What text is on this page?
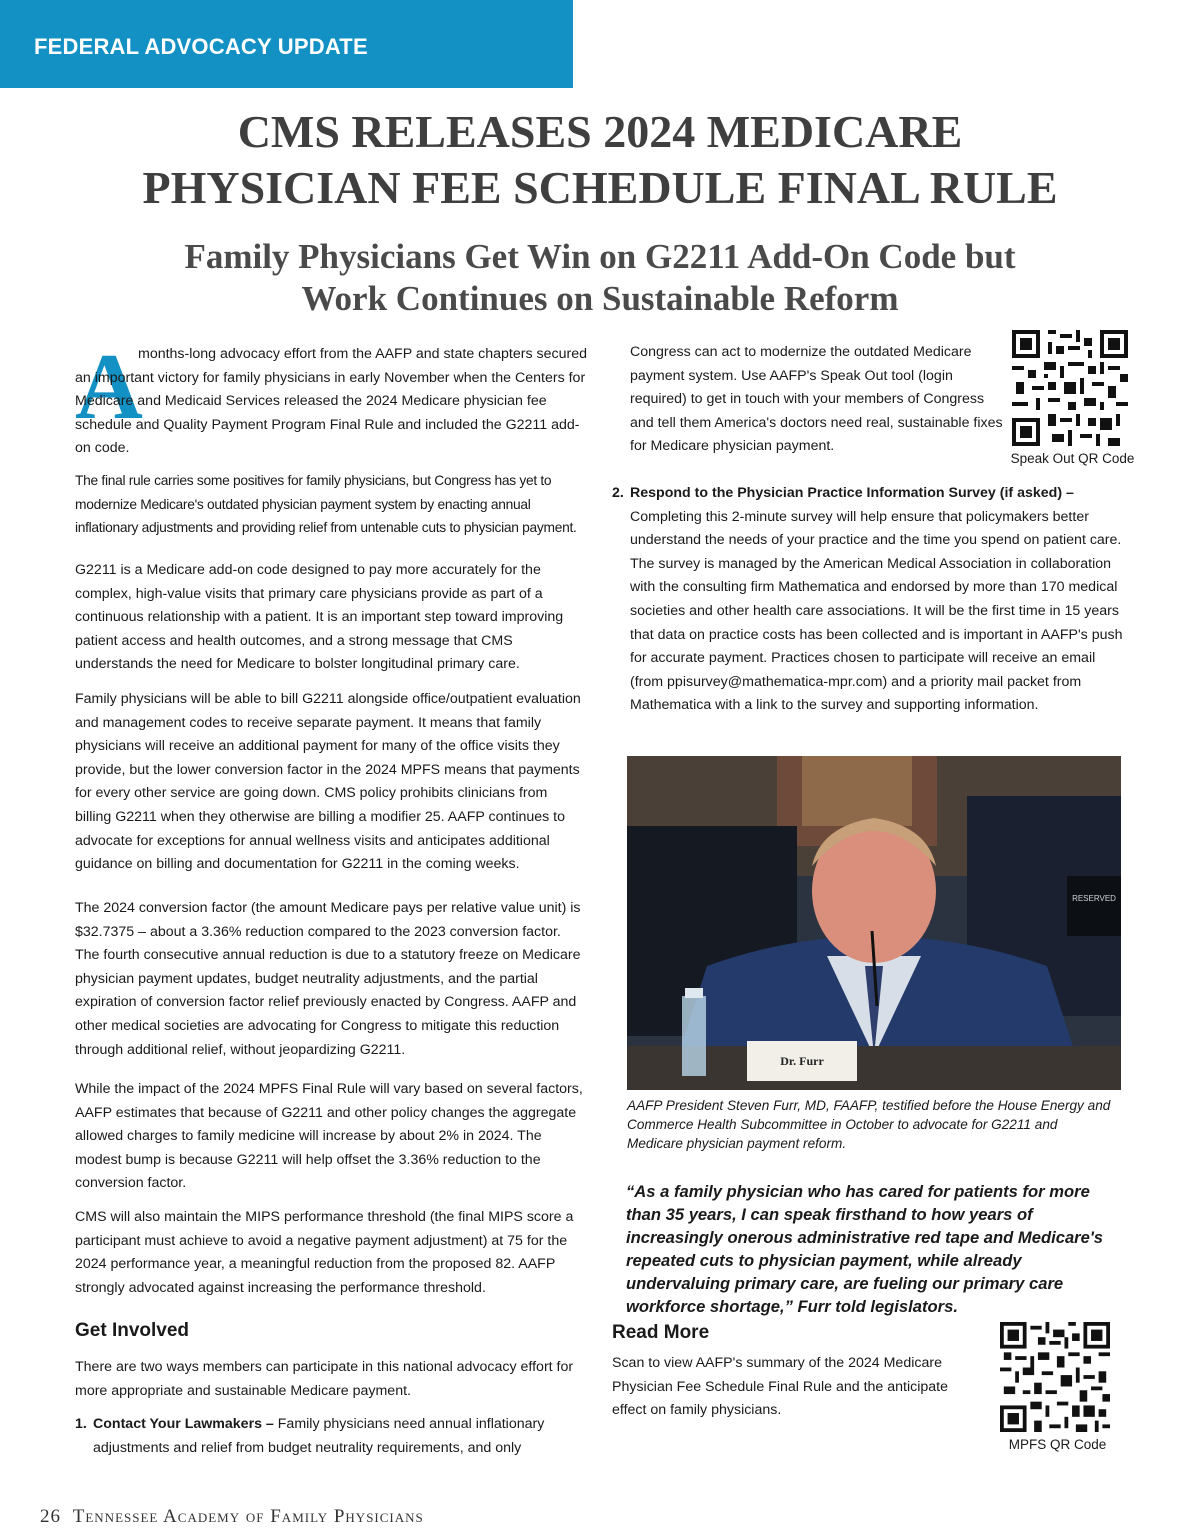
FEDERAL ADVOCACY UPDATE
CMS RELEASES 2024 MEDICARE
PHYSICIAN FEE SCHEDULE FINAL RULE
Family Physicians Get Win on G2211 Add-On Code but
Work Continues on Sustainable Reform
A

months-long advocacy effort from the AAFP and state chapters secured an important victory for family physicians in early November when the Centers for Medicare and Medicaid Services released the 2024 Medicare physician fee schedule and Quality Payment Program Final Rule and included the G2211 add-on code.

The final rule carries some positives for family physicians, but Congress has yet to modernize Medicare's outdated physician payment system by enacting annual inflationary adjustments and providing relief from untenable cuts to physician payment.

G2211 is a Medicare add-on code designed to pay more accurately for the complex, high-value visits that primary care physicians provide as part of a continuous relationship with a patient. It is an important step toward improving patient access and health outcomes, and a strong message that CMS understands the need for Medicare to bolster longitudinal primary care.

Family physicians will be able to bill G2211 alongside office/outpatient evaluation and management codes to receive separate payment. It means that family physicians will receive an additional payment for many of the office visits they provide, but the lower conversion factor in the 2024 MPFS means that payments for every other service are going down. CMS policy prohibits clinicians from billing G2211 when they otherwise are billing a modifier 25. AAFP continues to advocate for exceptions for annual wellness visits and anticipates additional guidance on billing and documentation for G2211 in the coming weeks.

The 2024 conversion factor (the amount Medicare pays per relative value unit) is $32.7375 – about a 3.36% reduction compared to the 2023 conversion factor. The fourth consecutive annual reduction is due to a statutory freeze on Medicare physician payment updates, budget neutrality adjustments, and the partial expiration of conversion factor relief previously enacted by Congress. AAFP and other medical societies are advocating for Congress to mitigate this reduction through additional relief, without jeopardizing G2211.

While the impact of the 2024 MPFS Final Rule will vary based on several factors, AAFP estimates that because of G2211 and other policy changes the aggregate allowed charges to family medicine will increase by about 2% in 2024. The modest bump is because G2211 will help offset the 3.36% reduction to the conversion factor.

CMS will also maintain the MIPS performance threshold (the final MIPS score a participant must achieve to avoid a negative payment adjustment) at 75 for the 2024 performance year, a meaningful reduction from the proposed 82. AAFP strongly advocated against increasing the performance threshold.

Get Involved

There are two ways members can participate in this national advocacy effort for more appropriate and sustainable Medicare payment.

1. Contact Your Lawmakers – Family physicians need annual inflationary adjustments and relief from budget neutrality requirements, and only

Congress can act to modernize the outdated Medicare payment system. Use AAFP's Speak Out tool (login required) to get in touch with your members of Congress and tell them America's doctors need real, sustainable fixes for Medicare physician payment.

Speak Out QR Code
2. Respond to the Physician Practice Information Survey (if asked) –
Completing this 2-minute survey will help ensure that policymakers better understand the needs of your practice and the time you spend on patient care. The survey is managed by the American Medical Association in collaboration with the consulting firm Mathematica and endorsed by more than 170 medical societies and other health care associations. It will be the first time in 15 years that data on practice costs has been collected and is important in AAFP's push for accurate payment. Practices chosen to participate will receive an email (from ppisurvey@mathematica-mpr.com) and a priority mail packet from Mathematica with a link to the survey and supporting information.
RESERVED
Dr. Furr
AAFP President Steven Furr, MD, FAAFP, testified before the House Energy and Commerce Health Subcommittee in October to advocate for G2211 and Medicare physician payment reform.
“As a family physician who has cared for patients for more than 35 years, I can speak firsthand to how years of increasingly onerous administrative red tape and Medicare's repeated cuts to physician payment, while already undervaluing primary care, are fueling our primary care workforce shortage,” Furr told legislators.
Read More

Scan to view AAFP's summary of the 2024 Medicare Physician Fee Schedule Final Rule and the anticipate effect on family physicians.

MPFS QR Code
26 Tennessee Academy of Family Physicians
